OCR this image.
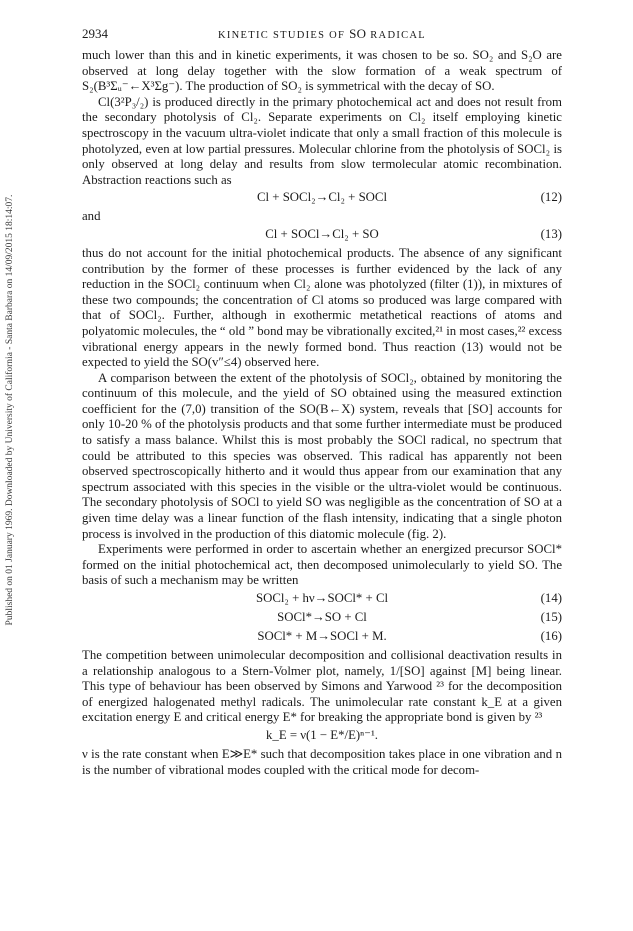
Published on 01 January 1969. Downloaded by University of California - Santa Barbara on 14/09/2015 18:14:07.
2934	KINETIC STUDIES OF SO RADICAL

much lower than this and in kinetic experiments, it was chosen to be so. SO₂ and S₂O are observed at long delay together with the slow formation of a weak spectrum of S₂(B³Σᵤ⁻←X³Σg⁻). The production of SO₂ is symmetrical with the decay of SO.

Cl(3²P₃/₂) is produced directly in the primary photochemical act and does not result from the secondary photolysis of Cl₂. Separate experiments on Cl₂ itself employing kinetic spectroscopy in the vacuum ultra-violet indicate that only a small fraction of this molecule is photolyzed, even at low partial pressures. Molecular chlorine from the photolysis of SOCl₂ is only observed at long delay and results from slow termolecular atomic recombination. Abstraction reactions such as

Cl + SOCl₂→Cl₂ + SOCl	(12)

and

Cl + SOCl→Cl₂ + SO	(13)

thus do not account for the initial photochemical products. The absence of any significant contribution by the former of these processes is further evidenced by the lack of any reduction in the SOCl₂ continuum when Cl₂ alone was photolyzed (filter (1)), in mixtures of these two compounds; the concentration of Cl atoms so produced was large compared with that of SOCl₂. Further, although in exothermic metathetical reactions of atoms and polyatomic molecules, the “ old ” bond may be vibrationally excited,²¹ in most cases,²² excess vibrational energy appears in the newly formed bond. Thus reaction (13) would not be expected to yield the SO(v″≤4) observed here.

A comparison between the extent of the photolysis of SOCl₂, obtained by monitoring the continuum of this molecule, and the yield of SO obtained using the measured extinction coefficient for the (7,0) transition of the SO(B←X) system, reveals that [SO] accounts for only 10-20 % of the photolysis products and that some further intermediate must be produced to satisfy a mass balance. Whilst this is most probably the SOCl radical, no spectrum that could be attributed to this species was observed. This radical has apparently not been observed spectroscopically hitherto and it would thus appear from our examination that any spectrum associated with this species in the visible or the ultra-violet would be continuous. The secondary photolysis of SOCl to yield SO was negligible as the concentration of SO at a given time delay was a linear function of the flash intensity, indicating that a single photon process is involved in the production of this diatomic molecule (fig. 2).

Experiments were performed in order to ascertain whether an energized precursor SOCl* formed on the initial photochemical act, then decomposed unimolecularly to yield SO. The basis of such a mechanism may be written

SOCl₂ + hν→SOCl* + Cl	(14)
SOCl*→SO + Cl	(15)
SOCl* + M→SOCl + M.	(16)

The competition between unimolecular decomposition and collisional deactivation results in a relationship analogous to a Stern-Volmer plot, namely, 1/[SO] against [M] being linear. This type of behaviour has been observed by Simons and Yarwood ²³ for the decomposition of energized halogenated methyl radicals. The unimolecular rate constant k_E at a given excitation energy E and critical energy E* for breaking the appropriate bond is given by ²³

k_E = ν(1 − E*/E)ⁿ⁻¹.

ν is the rate constant when E≫E* such that decomposition takes place in one vibration and n is the number of vibrational modes coupled with the critical mode for decom-
